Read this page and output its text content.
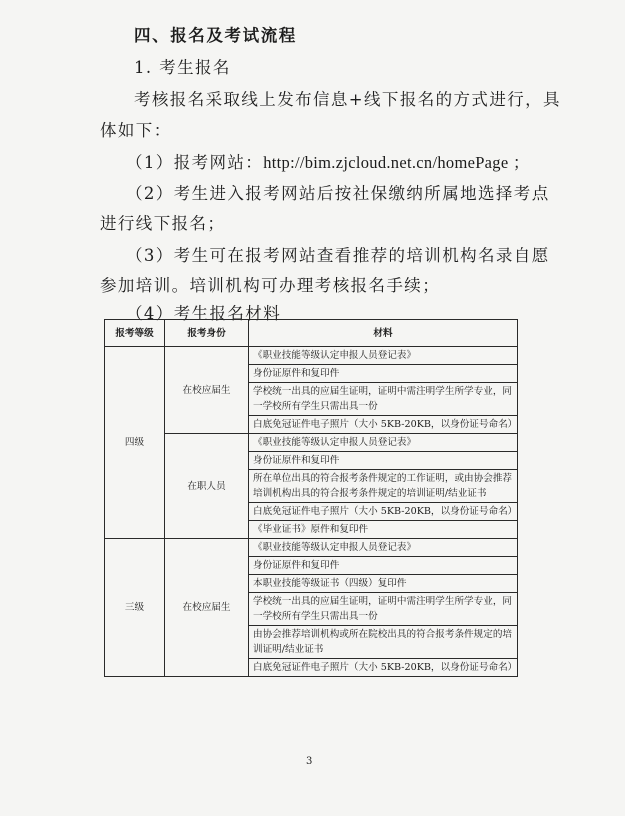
四、报名及考试流程
1. 考生报名
考核报名采取线上发布信息+线下报名的方式进行，具
体如下：
（1）报考网站：http://bim.zjcloud.net.cn/homePage ；
（2）考生进入报考网站后按社保缴纳所属地选择考点
进行线下报名；
（3）考生可在报考网站查看推荐的培训机构名录自愿
参加培训。培训机构可办理考核报名手续；
（4）考生报名材料
报考等级	报考身份	材料
四级	在校应届生	《职业技能等级认定申报人员登记表》
		身份证原件和复印件
		学校统一出具的应届生证明，证明中需注明学生所学专业，同一学校所有学生只需出具一份
		白底免冠证件电子照片（大小 5KB-20KB，以身份证号命名）
	在职人员	《职业技能等级认定申报人员登记表》
		身份证原件和复印件
		所在单位出具的符合报考条件规定的工作证明，或由协会推荐培训机构出具的符合报考条件规定的培训证明/结业证书
		白底免冠证件电子照片（大小 5KB-20KB，以身份证号命名）
		《毕业证书》原件和复印件
三级	在校应届生	《职业技能等级认定申报人员登记表》
		身份证原件和复印件
		本职业技能等级证书（四级）复印件
		学校统一出具的应届生证明，证明中需注明学生所学专业，同一学校所有学生只需出具一份
		由协会推荐培训机构或所在院校出具的符合报考条件规定的培训证明/结业证书
		白底免冠证件电子照片（大小 5KB-20KB，以身份证号命名）
3
